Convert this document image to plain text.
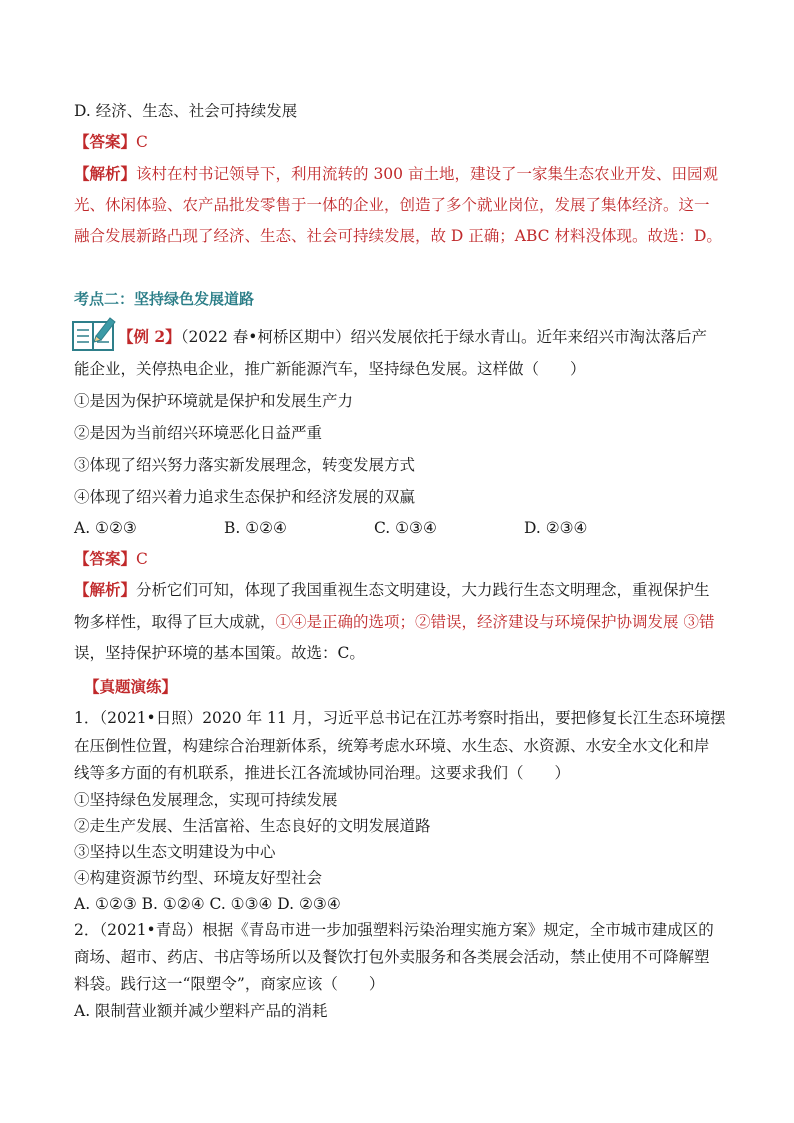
D. 经济、生态、社会可持续发展
【答案】C
【解析】该村在村书记领导下，利用流转的 300 亩土地，建设了一家集生态农业开发、田园观
光、休闲体验、农产品批发零售于一体的企业，创造了多个就业岗位，发展了集体经济。这一
融合发展新路凸现了经济、生态、社会可持续发展，故 D 正确；ABC 材料没体现。故选：D。
考点二：坚持绿色发展道路
【例 2】（2022 春•柯桥区期中）绍兴发展依托于绿水青山。近年来绍兴市淘汰落后产
能企业，关停热电企业，推广新能源汽车，坚持绿色发展。这样做（　　）
①是因为保护环境就是保护和发展生产力
②是因为当前绍兴环境恶化日益严重
③体现了绍兴努力落实新发展理念，转变发展方式
④体现了绍兴着力追求生态保护和经济发展的双赢
A. ①②③	B. ①②④	C. ①③④	D. ②③④
【答案】C
【解析】分析它们可知，体现了我国重视生态文明建设，大力践行生态文明理念，重视保护生
物多样性，取得了巨大成就，①④是正确的选项；②错误，经济建设与环境保护协调发展 ③错
误，坚持保护环境的基本国策。故选：C。
【真题演练】
1．（2021•日照）2020 年 11 月，习近平总书记在江苏考察时指出，要把修复长江生态环境摆
在压倒性位置，构建综合治理新体系，统筹考虑水环境、水生态、水资源、水安全水文化和岸
线等多方面的有机联系，推进长江各流域协同治理。这要求我们（　　）
①坚持绿色发展理念，实现可持续发展
②走生产发展、生活富裕、生态良好的文明发展道路
③坚持以生态文明建设为中心
④构建资源节约型、环境友好型社会
A. ①②③ B. ①②④ C. ①③④ D. ②③④
2．（2021•青岛）根据《青岛市进一步加强塑料污染治理实施方案》规定，全市城市建成区的
商场、超市、药店、书店等场所以及餐饮打包外卖服务和各类展会活动，禁止使用不可降解塑
料袋。践行这一“限塑令”，商家应该（　　）
A. 限制营业额并减少塑料产品的消耗
